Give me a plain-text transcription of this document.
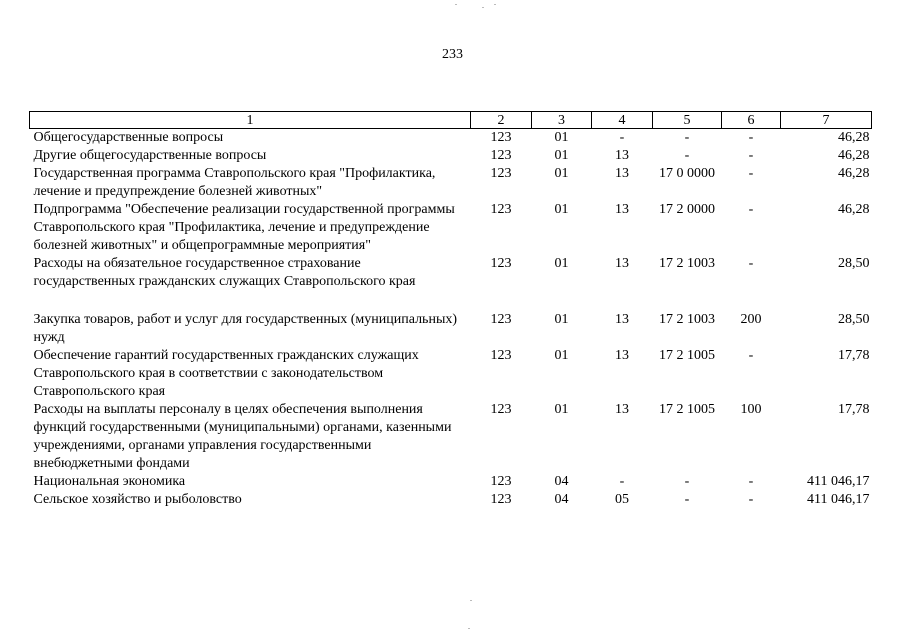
233
1	2	3	4	5	6	7
Общегосударственные вопросы	123	01	-	-	-	46,28
Другие общегосударственные вопросы	123	01	13	-	-	46,28
Государственная программа Ставропольского края "Профилактика, лечение и предупреждение болезней животных"	123	01	13	17 0 0000	-	46,28
Подпрограмма "Обеспечение реализации государственной программы Ставропольского края "Профилактика, лечение и предупреждение болезней животных" и общепрограммные мероприятия"	123	01	13	17 2 0000	-	46,28
Расходы на обязательное государственное страхование государственных гражданских служащих Ставропольского края	123	01	13	17 2 1003	-	28,50
Закупка товаров, работ и услуг для государственных (муниципальных) нужд	123	01	13	17 2 1003	200	28,50
Обеспечение гарантий государственных гражданских служащих Ставропольского края в соответствии с законодательством Ставропольского края	123	01	13	17 2 1005	-	17,78
Расходы на выплаты персоналу в целях обеспечения выполнения функций государственными (муниципальными) органами, казенными учреждениями, органами управления государственными внебюджетными фондами	123	01	13	17 2 1005	100	17,78
Национальная экономика	123	04	-	-	-	411 046,17
Сельское хозяйство и рыболовство	123	04	05	-	-	411 046,17
